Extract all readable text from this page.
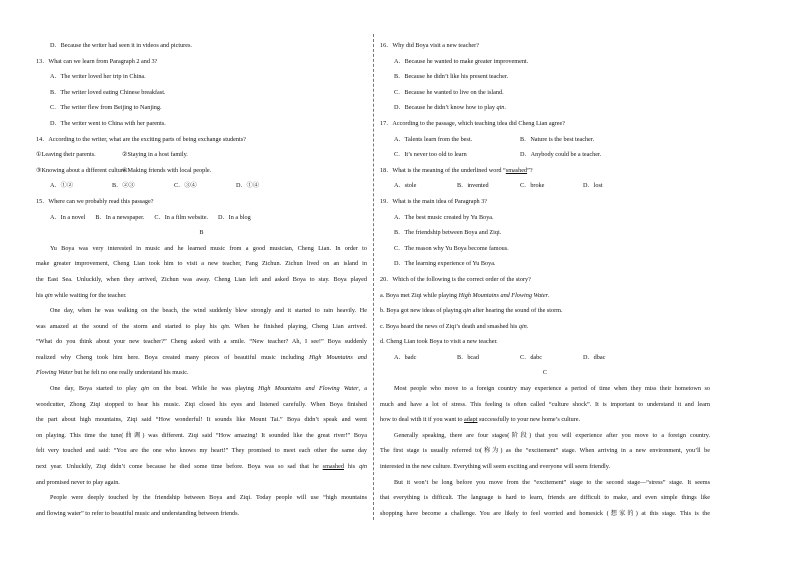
D．Because the writer had seen it in videos and pictures.
13．What can we learn from Paragraph 2 and 3?
A．The writer loved her trip in China.
B．The writer loved eating Chinese breakfast.
C．The writer flew from Beijing to Nanjing.
D．The writer went to China with her parents.
14．According to the writer, what are the exciting parts of being exchange students?
①Leaving their parents.	②Staying in a host family.
③Knowing about a different culture.④Making friends with local people.
A．①②	B．②③	C．③④	D．①④
15．Where can we probably read this passage?
A．In a novel B．In a newspaper. C．In a film website. D．In a blog
B
Yu Boya was very interested in music and he learned music from a good musician, Cheng Lian. In order to
make greater improvement, Cheng Lian took him to visit a new teacher, Fang Zichun. Zichun lived on an island in
the East Sea. Unluckily, when they arrived, Zichun was away. Cheng Lian left and asked Boya to stay. Boya played
his qin while waiting for the teacher.
One day, when he was walking on the beach, the wind suddenly blew strongly and it started to rain heavily. He
was amazed at the sound of the storm and started to play his qin. When he finished playing, Cheng Lian arrived.
“What do you think about your new teacher?” Cheng asked with a smile. “New teacher? Ah, I see!” Boya suddenly
realized why Cheng took him here. Boya created many pieces of beautiful music including High Mountains and
Flowing Water but he felt no one really understand his music.
One day, Boya started to play qin on the boat. While he was playing High Mountains and Flowing Water, a
woodcutter, Zhong Ziqi stopped to hear his music. Ziqi closed his eyes and listened carefully. When Boya finished
the part about high mountains, Ziqi said “How wonderful! It sounds like Mount Tai.” Boya didn’t speak and went
on playing. This time the tune(曲调) was different. Ziqi said “How amazing! It sounded like the great river!” Boya
felt very touched and said: “You are the one who knows my heart!” They promised to meet each other the same day
next year. Unluckily, Ziqi didn’t come because he died some time before. Boya was so sad that he smashed his qin
and promised never to play again.
People were deeply touched by the friendship between Boya and Ziqi. Today people will use “high mountains
and flowing water” to refer to beautiful music and understanding between friends.
16．Why did Boya visit a new teacher?
A．Because he wanted to make greater improvement.
B．Because he didn’t like his present teacher.
C．Because he wanted to live on the island.
D．Because he didn’t know how to play qin.
17．According to the passage, which teaching idea did Cheng Lian agree?
A．Talents learn from the best.	B．Nature is the best teacher.
C．It’s never too old to learn	D．Anybody could be a teacher.
18．What is the meaning of the underlined word “smashed”?
A．stole	B．invented	C．broke	D．lost
19．What is the main idea of Paragraph 3?
A．The best music created by Yu Boya.
B．The friendship between Boya and Ziqi.
C．The reason why Yu Boya become famous.
D．The learning experience of Yu Boya.
20．Which of the following is the correct order of the story?
a. Boya met Ziqi while playing High Mountains and Flowing Water.
b. Boya got new ideas of playing qin after hearing the sound of the storm.
c. Boya heard the news of Ziqi’s death and smashed his qin.
d. Cheng Lian took Boya to visit a new teacher.
A．badc	B．bcad	C．dabc	D．dbac
C
Most people who move to a foreign country may experience a period of time when they miss their hometown so
much and have a lot of stress. This feeling is often called “culture shock”. It is important to understand it and learn
how to deal with it if you want to adapt successfully to your new home’s culture.
Generally speaking, there are four stages(阶段) that you will experience after you move to a foreign country.
The first stage is usually referred to(称为) as the “excitement” stage. When arriving in a new environment, you’ll be
interested in the new culture. Everything will seem exciting and everyone will seem friendly.
But it won’t be long before you move from the “excitement” stage to the second stage—“stress” stage. It seems
that everything is difficult. The language is hard to learn, friends are difficult to make, and even simple things like
shopping have become a challenge. You are likely to feel worried and homesick (想家的) at this stage. This is the
